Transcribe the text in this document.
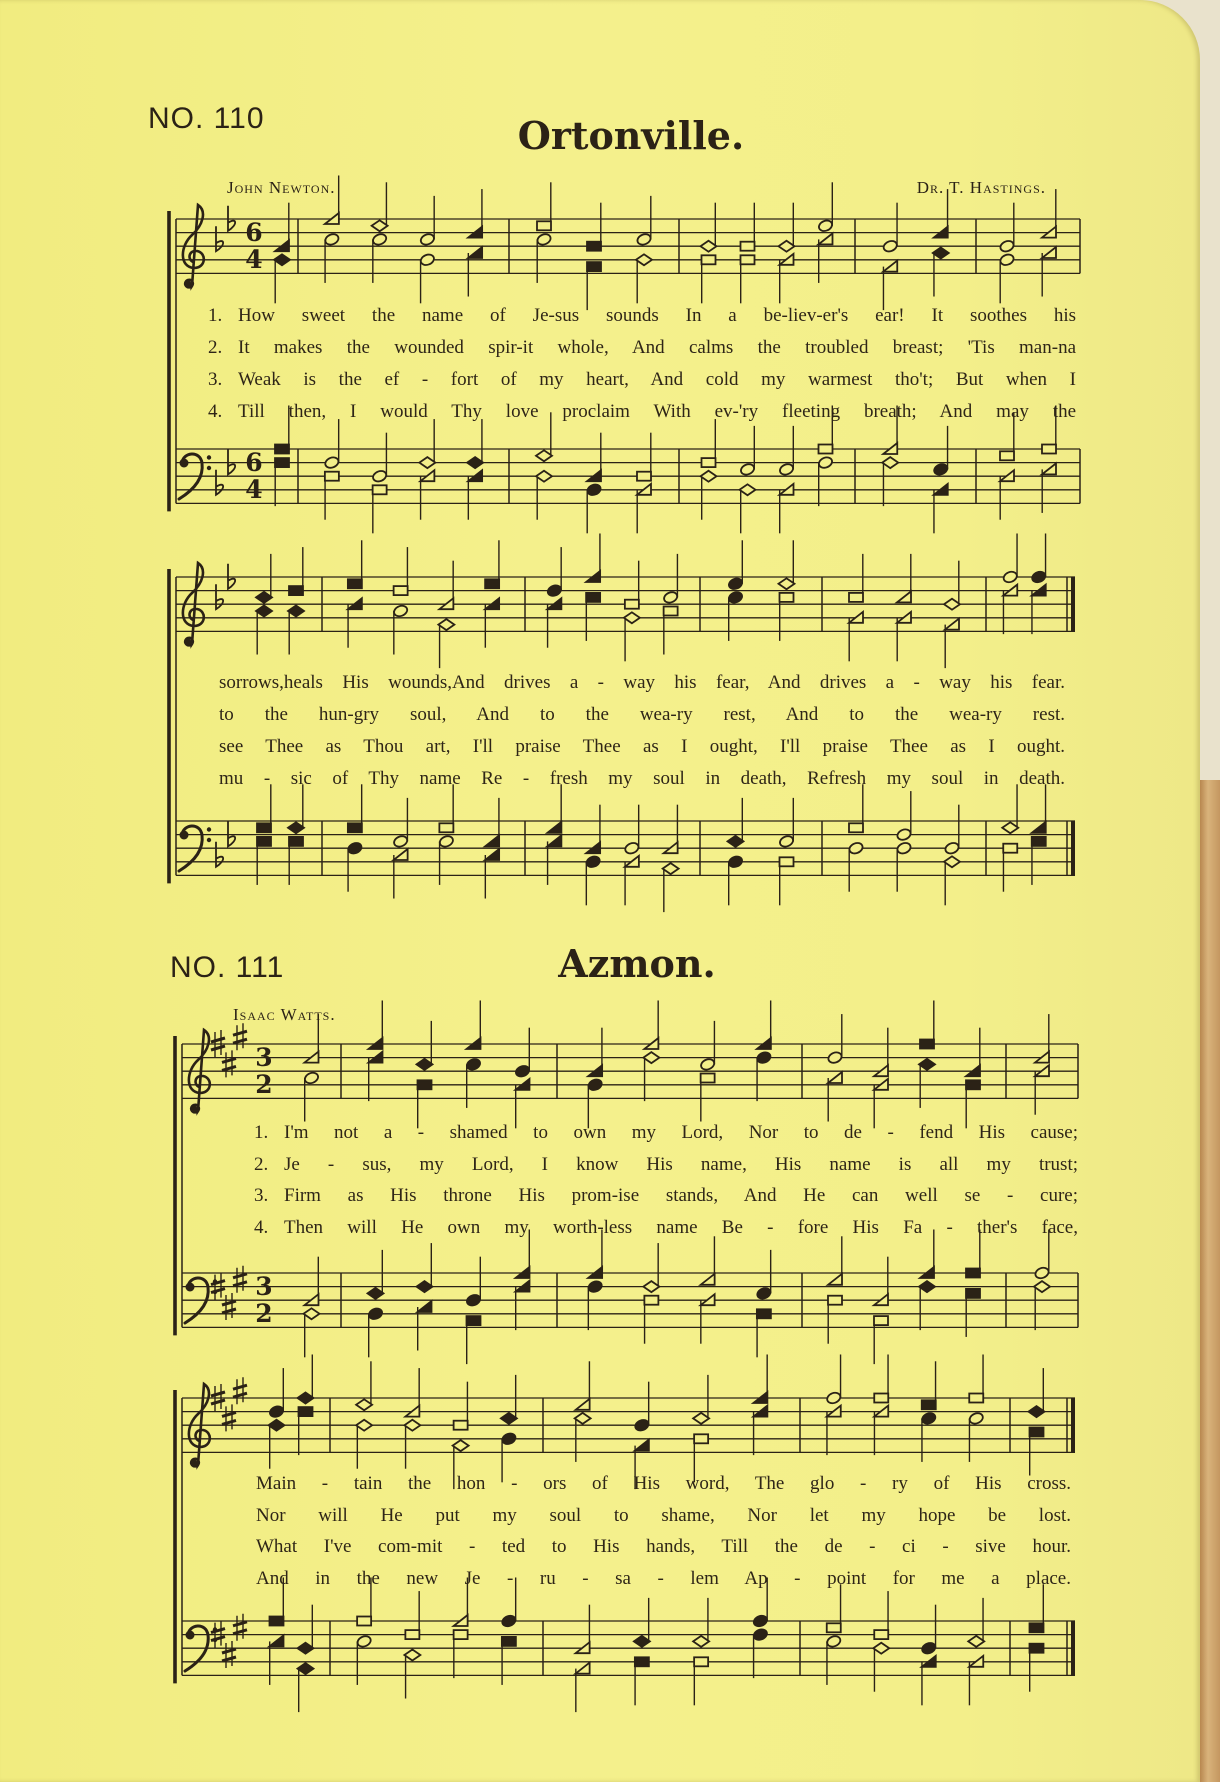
NO. 110	Ortonville.
John Newton.	Dr. T. Hastings.
6
4
6
4
1. How sweet the name of Je-sus sounds In a be-liev-er's ear! It soothes his
2. It makes the wounded spir-it whole, And calms the troubled breast; 'Tis man-na
3. Weak is the ef - fort of my heart, And cold my warmest tho't; But when I
4. Till then, I would Thy love proclaim With ev-'ry fleeting breath; And may the
sorrows,heals His wounds,And drives a - way his fear, And drives a - way his fear.
to the hun-gry soul, And to the wea-ry rest, And to the wea-ry rest.
see Thee as Thou art, I'll praise Thee as I ought, I'll praise Thee as I ought.
mu - sic of Thy name Re - fresh my soul in death, Refresh my soul in death.
NO. 111	Azmon.
Isaac Watts.
3
2
3
2
1. I'm not a - shamed to own my Lord, Nor to de - fend His cause;
2. Je - sus, my Lord, I know His name, His name is all my trust;
3. Firm as His throne His prom-ise stands, And He can well se - cure;
4. Then will He own my worth-less name Be - fore His Fa - ther's face,
Main - tain the hon - ors of His word, The glo - ry of His cross.
Nor will He put my soul to shame, Nor let my hope be lost.
What I've com-mit - ted to His hands, Till the de - ci - sive hour.
And in the new Je - ru - sa - lem Ap - point for me a place.
